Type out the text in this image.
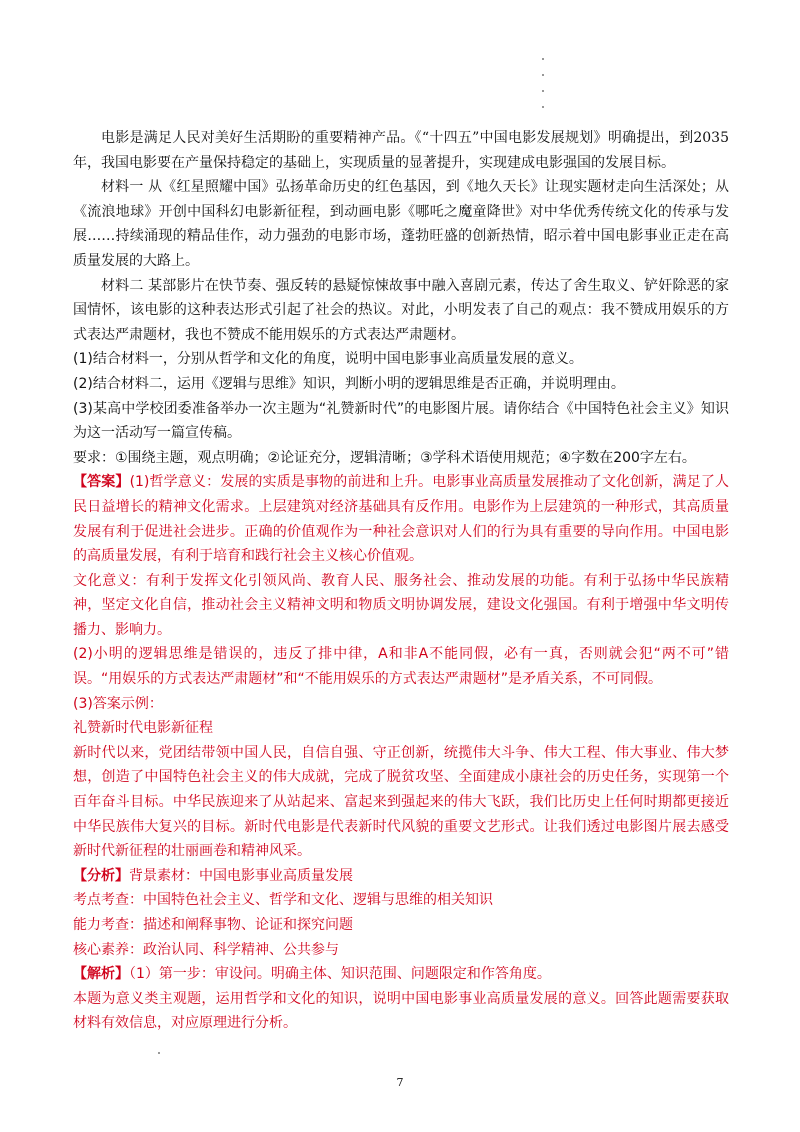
电影是满足人民对美好生活期盼的重要精神产品。《“十四五”中国电影发展规划》明确提出，到2035年，我国电影要在产量保持稳定的基础上，实现质量的显著提升，实现建成电影强国的发展目标。

材料一 从《红星照耀中国》弘扬革命历史的红色基因，到《地久天长》让现实题材走向生活深处；从《流浪地球》开创中国科幻电影新征程，到动画电影《哪吒之魔童降世》对中华优秀传统文化的传承与发展……持续涌现的精品佳作，动力强劲的电影市场，蓬勃旺盛的创新热情，昭示着中国电影事业正走在高质量发展的大路上。

材料二 某部影片在快节奏、强反转的悬疑惊悚故事中融入喜剧元素，传达了舍生取义、铲奸除恶的家国情怀，该电影的这种表达形式引起了社会的热议。对此，小明发表了自己的观点：我不赞成用娱乐的方式表达严肃题材，我也不赞成不能用娱乐的方式表达严肃题材。

(1)结合材料一，分别从哲学和文化的角度，说明中国电影事业高质量发展的意义。

(2)结合材料二，运用《逻辑与思维》知识，判断小明的逻辑思维是否正确，并说明理由。

(3)某高中学校团委准备举办一次主题为“礼赞新时代”的电影图片展。请你结合《中国特色社会主义》知识为这一活动写一篇宣传稿。

要求：①围绕主题，观点明确；②论证充分，逻辑清晰；③学科术语使用规范；④字数在200字左右。

【答案】(1)哲学意义：发展的实质是事物的前进和上升。电影事业高质量发展推动了文化创新，满足了人民日益增长的精神文化需求。上层建筑对经济基础具有反作用。电影作为上层建筑的一种形式，其高质量发展有利于促进社会进步。正确的价值观作为一种社会意识对人们的行为具有重要的导向作用。中国电影的高质量发展，有利于培育和践行社会主义核心价值观。

文化意义：有利于发挥文化引领风尚、教育人民、服务社会、推动发展的功能。有利于弘扬中华民族精神，坚定文化自信，推动社会主义精神文明和物质文明协调发展，建设文化强国。有利于增强中华文明传播力、影响力。

(2)小明的逻辑思维是错误的，违反了排中律，A和非A不能同假，必有一真，否则就会犯“两不可”错误。“用娱乐的方式表达严肃题材”和“不能用娱乐的方式表达严肃题材”是矛盾关系，不可同假。

(3)答案示例：

礼赞新时代电影新征程

新时代以来，党团结带领中国人民，自信自强、守正创新，统揽伟大斗争、伟大工程、伟大事业、伟大梦想，创造了中国特色社会主义的伟大成就，完成了脱贫攻坚、全面建成小康社会的历史任务，实现第一个百年奋斗目标。中华民族迎来了从站起来、富起来到强起来的伟大飞跃，我们比历史上任何时期都更接近中华民族伟大复兴的目标。新时代电影是代表新时代风貌的重要文艺形式。让我们透过电影图片展去感受新时代新征程的壮丽画卷和精神风采。

【分析】背景素材：中国电影事业高质量发展

考点考查：中国特色社会主义、哲学和文化、逻辑与思维的相关知识

能力考查：描述和阐释事物、论证和探究问题

核心素养：政治认同、科学精神、公共参与

【解析】（1）第一步：审设问。明确主体、知识范围、问题限定和作答角度。

本题为意义类主观题，运用哲学和文化的知识，说明中国电影事业高质量发展的意义。回答此题需要获取材料有效信息，对应原理进行分析。

7
